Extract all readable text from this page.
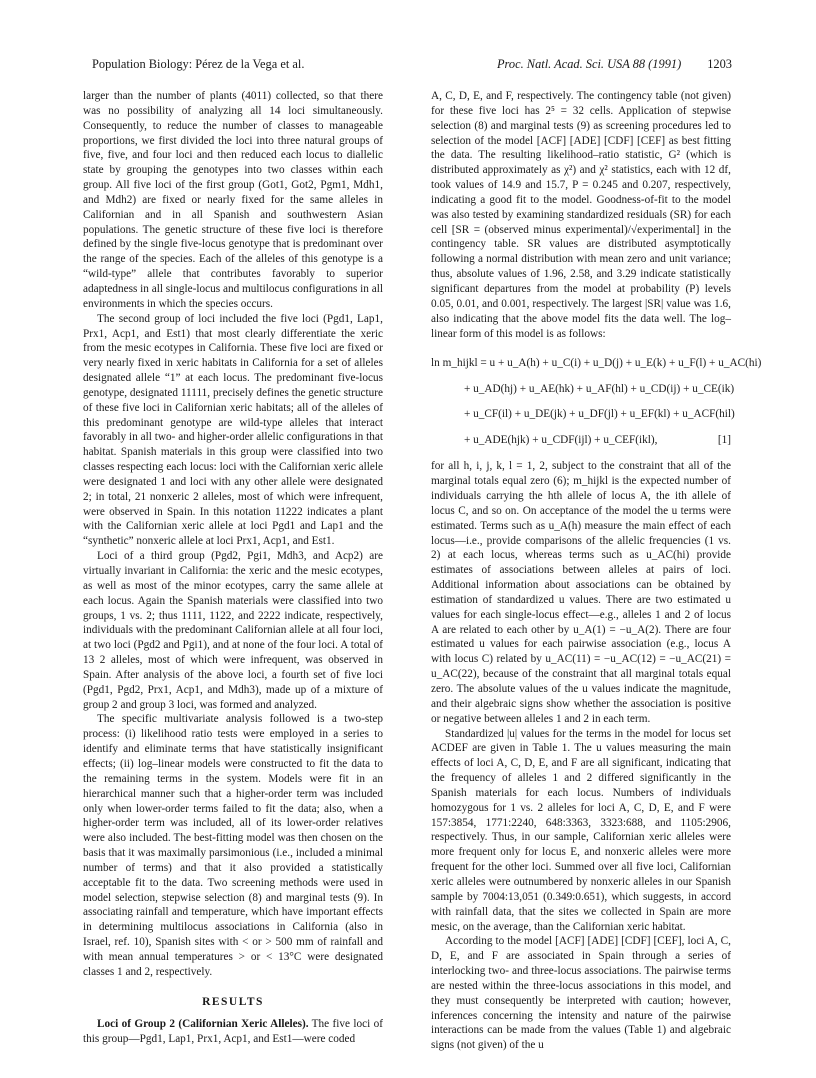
Population Biology: Pérez de la Vega et al.	Proc. Natl. Acad. Sci. USA 88 (1991) 1203

larger than the number of plants (4011) collected, so that there was no possibility of analyzing all 14 loci simultaneously. Consequently, to reduce the number of classes to manageable proportions, we first divided the loci into three natural groups of five, five, and four loci and then reduced each locus to diallelic state by grouping the genotypes into two classes within each group. All five loci of the first group (Got1, Got2, Pgm1, Mdh1, and Mdh2) are fixed or nearly fixed for the same alleles in Californian and in all Spanish and southwestern Asian populations. The genetic structure of these five loci is therefore defined by the single five-locus genotype that is predominant over the range of the species. Each of the alleles of this genotype is a “wild-type” allele that contributes favorably to superior adaptedness in all single-locus and multilocus configurations in all environments in which the species occurs.

The second group of loci included the five loci (Pgd1, Lap1, Prx1, Acp1, and Est1) that most clearly differentiate the xeric from the mesic ecotypes in California. These five loci are fixed or very nearly fixed in xeric habitats in California for a set of alleles designated allele “1” at each locus. The predominant five-locus genotype, designated 11111, precisely defines the genetic structure of these five loci in Californian xeric habitats; all of the alleles of this predominant genotype are wild-type alleles that interact favorably in all two- and higher-order allelic configurations in that habitat. Spanish materials in this group were classified into two classes respecting each locus: loci with the Californian xeric allele were designated 1 and loci with any other allele were designated 2; in total, 21 nonxeric 2 alleles, most of which were infrequent, were observed in Spain. In this notation 11222 indicates a plant with the Californian xeric allele at loci Pgd1 and Lap1 and the “synthetic” nonxeric allele at loci Prx1, Acp1, and Est1.

Loci of a third group (Pgd2, Pgi1, Mdh3, and Acp2) are virtually invariant in California: the xeric and the mesic ecotypes, as well as most of the minor ecotypes, carry the same allele at each locus. Again the Spanish materials were classified into two groups, 1 vs. 2; thus 1111, 1122, and 2222 indicate, respectively, individuals with the predominant Californian allele at all four loci, at two loci (Pgd2 and Pgi1), and at none of the four loci. A total of 13 2 alleles, most of which were infrequent, was observed in Spain. After analysis of the above loci, a fourth set of five loci (Pgd1, Pgd2, Prx1, Acp1, and Mdh3), made up of a mixture of group 2 and group 3 loci, was formed and analyzed.

The specific multivariate analysis followed is a two-step process: (i) likelihood ratio tests were employed in a series to identify and eliminate terms that have statistically insignificant effects; (ii) log–linear models were constructed to fit the data to the remaining terms in the system. Models were fit in an hierarchical manner such that a higher-order term was included only when lower-order terms failed to fit the data; also, when a higher-order term was included, all of its lower-order relatives were also included. The best-fitting model was then chosen on the basis that it was maximally parsimonious (i.e., included a minimal number of terms) and that it also provided a statistically acceptable fit to the data. Two screening methods were used in model selection, stepwise selection (8) and marginal tests (9). In associating rainfall and temperature, which have important effects in determining multilocus associations in California (also in Israel, ref. 10), Spanish sites with < or > 500 mm of rainfall and with mean annual temperatures > or < 13°C were designated classes 1 and 2, respectively.

RESULTS

Loci of Group 2 (Californian Xeric Alleles). The five loci of this group—Pgd1, Lap1, Prx1, Acp1, and Est1—were coded

A, C, D, E, and F, respectively. The contingency table (not given) for these five loci has 2⁵ = 32 cells. Application of stepwise selection (8) and marginal tests (9) as screening procedures led to selection of the model [ACF] [ADE] [CDF] [CEF] as best fitting the data. The resulting likelihood–ratio statistic, G² (which is distributed approximately as χ²) and χ² statistics, each with 12 df, took values of 14.9 and 15.7, P = 0.245 and 0.207, respectively, indicating a good fit to the model. Goodness-of-fit to the model was also tested by examining standardized residuals (SR) for each cell [SR = (observed minus experimental)/√experimental] in the contingency table. SR values are distributed asymptotically following a normal distribution with mean zero and unit variance; thus, absolute values of 1.96, 2.58, and 3.29 indicate statistically significant departures from the model at probability (P) levels 0.05, 0.01, and 0.001, respectively. The largest |SR| value was 1.6, also indicating that the above model fits the data well. The log–linear form of this model is as follows:

ln m_hijkl = u + u_A(h) + u_C(i) + u_D(j) + u_E(k) + u_F(l) + u_AC(hi)
+ u_AD(hj) + u_AE(hk) + u_AF(hl) + u_CD(ij) + u_CE(ik)
+ u_CF(il) + u_DE(jk) + u_DF(jl) + u_EF(kl) + u_ACF(hil)
+ u_ADE(hjk) + u_CDF(ijl) + u_CEF(ikl),	[1]

for all h, i, j, k, l = 1, 2, subject to the constraint that all of the marginal totals equal zero (6); m_hijkl is the expected number of individuals carrying the hth allele of locus A, the ith allele of locus C, and so on. On acceptance of the model the u terms were estimated. Terms such as u_A(h) measure the main effect of each locus—i.e., provide comparisons of the allelic frequencies (1 vs. 2) at each locus, whereas terms such as u_AC(hi) provide estimates of associations between alleles at pairs of loci. Additional information about associations can be obtained by estimation of standardized u values. There are two estimated u values for each single-locus effect—e.g., alleles 1 and 2 of locus A are related to each other by u_A(1) = −u_A(2). There are four estimated u values for each pairwise association (e.g., locus A with locus C) related by u_AC(11) = −u_AC(12) = −u_AC(21) = u_AC(22), because of the constraint that all marginal totals equal zero. The absolute values of the u values indicate the magnitude, and their algebraic signs show whether the association is positive or negative between alleles 1 and 2 in each term.

Standardized |u| values for the terms in the model for locus set ACDEF are given in Table 1. The u values measuring the main effects of loci A, C, D, E, and F are all significant, indicating that the frequency of alleles 1 and 2 differed significantly in the Spanish materials for each locus. Numbers of individuals homozygous for 1 vs. 2 alleles for loci A, C, D, E, and F were 157:3854, 1771:2240, 648:3363, 3323:688, and 1105:2906, respectively. Thus, in our sample, Californian xeric alleles were more frequent only for locus E, and nonxeric alleles were more frequent for the other loci. Summed over all five loci, Californian xeric alleles were outnumbered by nonxeric alleles in our Spanish sample by 7004:13,051 (0.349:0.651), which suggests, in accord with rainfall data, that the sites we collected in Spain are more mesic, on the average, than the Californian xeric habitat.

According to the model [ACF] [ADE] [CDF] [CEF], loci A, C, D, E, and F are associated in Spain through a series of interlocking two- and three-locus associations. The pairwise terms are nested within the three-locus associations in this model, and they must consequently be interpreted with caution; however, inferences concerning the intensity and nature of the pairwise interactions can be made from the values (Table 1) and algebraic signs (not given) of the u
